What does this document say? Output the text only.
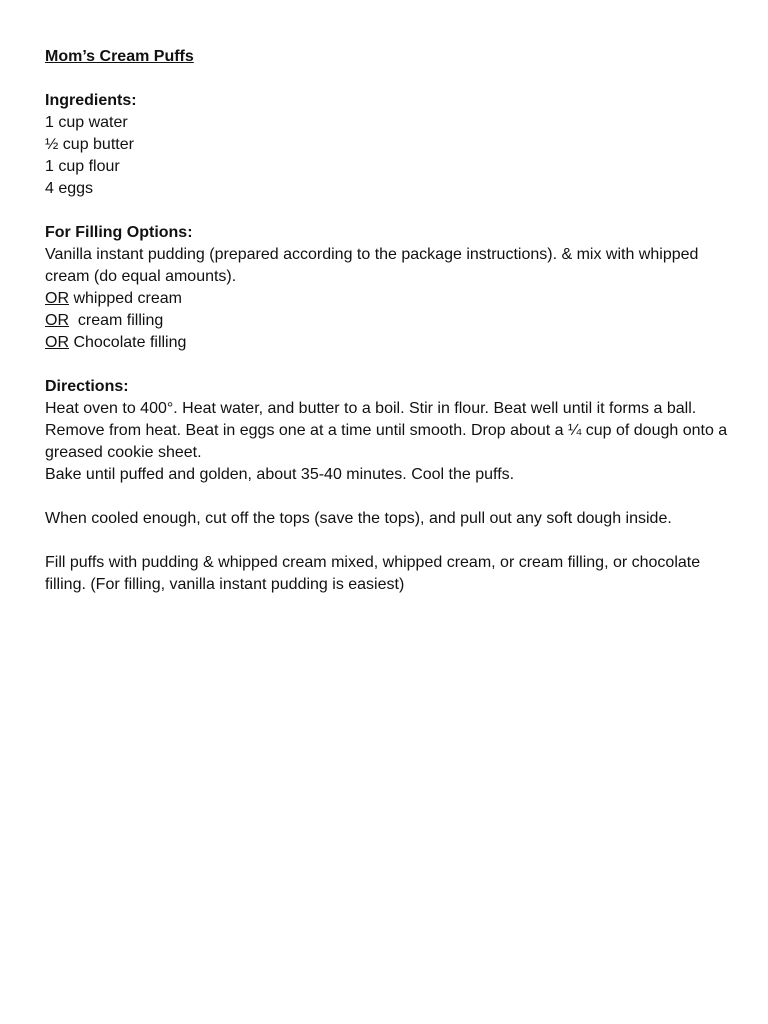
Mom’s Cream Puffs

Ingredients:

1 cup water

½ cup butter

1 cup flour

4 eggs

For Filling Options:

Vanilla instant pudding (prepared according to the package instructions). & mix with whipped cream (do equal amounts).

OR whipped cream

OR  cream filling

OR Chocolate filling

Directions:

Heat oven to 400°. Heat water, and butter to a boil. Stir in flour. Beat well until it forms a ball. Remove from heat. Beat in eggs one at a time until smooth. Drop about a ¼ cup of dough onto a greased cookie sheet.

Bake until puffed and golden, about 35-40 minutes. Cool the puffs.

When cooled enough, cut off the tops (save the tops), and pull out any soft dough inside.

Fill puffs with pudding & whipped cream mixed, whipped cream, or cream filling, or chocolate filling. (For filling, vanilla instant pudding is easiest)
